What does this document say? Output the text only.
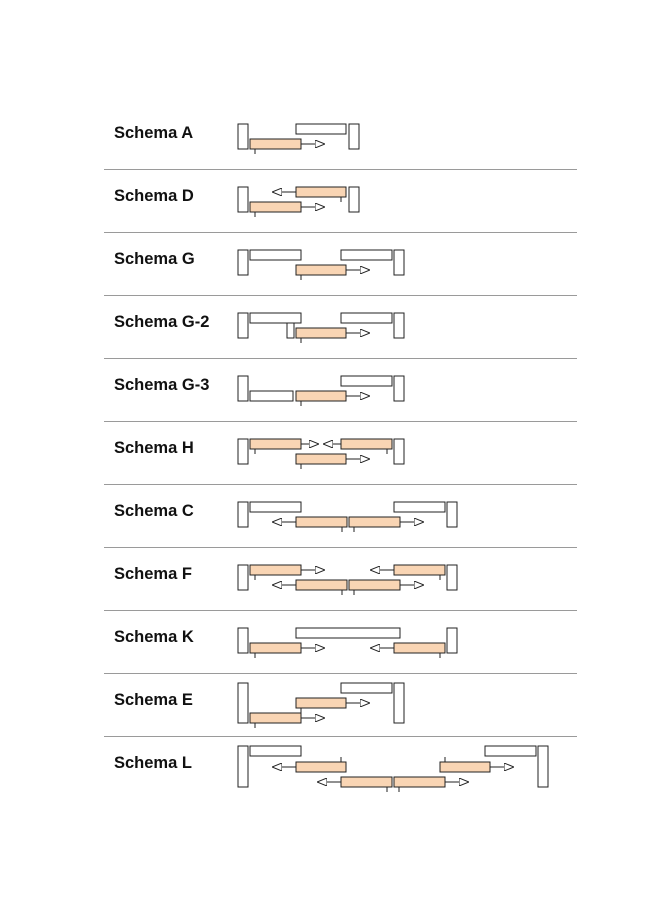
Schema A
Schema D
Schema G
Schema G-2
Schema G-3
Schema H
Schema C
Schema F
Schema K
Schema E
Schema L
